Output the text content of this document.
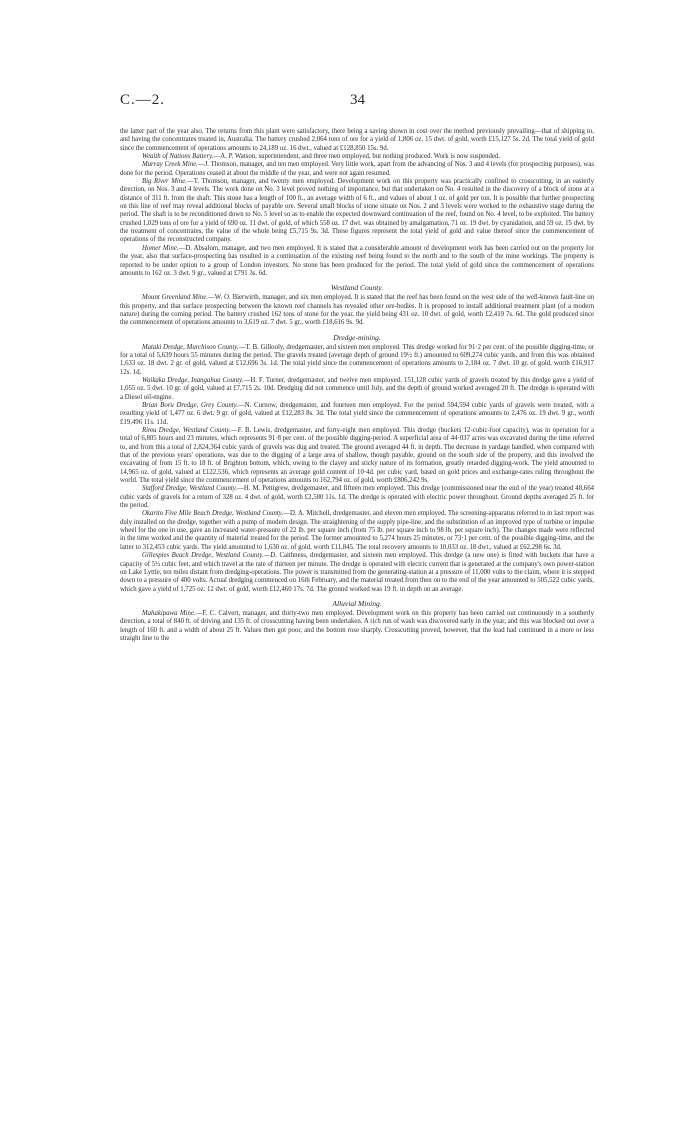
C.—2.	34

the latter part of the year also. The returns from this plant were satisfactory, there being a saving shown in cost over the method previously prevailing—that of shipping to, and having the concentrates treated in, Australia. The battery crushed 2,064 tons of ore for a yield of 1,806 oz. 15 dwt. of gold, worth £15,127 5s. 2d. The total yield of gold since the commencement of operations amounts to 24,189 oz. 16 dwt., valued at £128,850 15s. 9d.

Wealth of Nations Battery.—A. P. Watson, superintendent, and three men employed, but nothing produced. Work is now suspended.

Murray Creek Mine.—J. Thomson, manager, and ten men employed. Very little work, apart from the advancing of Nos. 3 and 4 levels (for prospecting purposes), was done for the period. Operations ceased at about the middle of the year, and were not again resumed.

Big River Mine.—T. Thomson, manager, and twenty men employed. Development work on this property was practically confined to crosscutting, in an easterly direction, on Nos. 3 and 4 levels. The work done on No. 3 level proved nothing of importance, but that undertaken on No. 4 resulted in the discovery of a block of stone at a distance of 311 ft. from the shaft. This stone has a length of 100 ft., an average width of 6 ft., and values of about 1 oz. of gold per ton. It is possible that further prospecting on this line of reef may reveal additional blocks of payable ore. Several small blocks of stone situate on Nos. 2 and 3 levels were worked to the exhaustive stage during the period. The shaft is to be reconditioned down to No. 5 level so as to enable the expected downward continuation of the reef, found on No. 4 level, to be exploited. The battery crushed 1,029 tons of ore for a yield of 690 oz. 11 dwt. of gold, of which 558 oz. 17 dwt. was obtained by amalgamation, 71 oz. 19 dwt. by cyanidation, and 59 oz. 15 dwt. by the treatment of concentrates, the value of the whole being £5,715 9s. 3d. These figures represent the total yield of gold and value thereof since the commencement of operations of the reconstructed company.

Homer Mine.—D. Absalom, manager, and two men employed. It is stated that a considerable amount of development work has been carried out on the property for the year, also that surface-prospecting has resulted in a continuation of the existing reef being found to the north and to the south of the mine workings. The property is reported to be under option to a group of London investors. No stone has been produced for the period. The total yield of gold since the commencement of operations amounts to 162 oz. 3 dwt. 9 gr., valued at £791 3s. 6d.

Westland County.

Mount Greenland Mine.—W. O. Bierwirth, manager, and six men employed. It is stated that the reef has been found on the west side of the well-known fault-line on this property, and that surface prospecting between the known reef channels has revealed other ore-bodies. It is proposed to install additional treatment plant (of a modern nature) during the coming period. The battery crushed 162 tons of stone for the year, the yield being 431 oz. 10 dwt. of gold, worth £2,419 7s. 6d. The gold produced since the commencement of operations amounts to 3,619 oz. 7 dwt. 5 gr., worth £18,616 9s. 9d.

Dredge-mining.

Mataki Dredge, Murchison County.—T. B. Gillooly, dredgemaster, and sixteen men employed. This dredge worked for 91·2 per cent. of the possible digging-time, or for a total of 5,639 hours 55 minutes during the period. The gravels treated (average depth of ground 19½ ft.) amounted to 609,274 cubic yards, and from this was obtained 1,633 oz. 18 dwt. 2 gr. of gold, valued at £12,696 3s. 1d. The total yield since the commencement of operations amounts to 2,184 oz. 7 dwt. 10 gr. of gold, worth £16,917 12s. 1d.

Waikaka Dredge, Inangahua County.—H. F. Turner, dredgemaster, and twelve men employed. 151,128 cubic yards of gravels treated by this dredge gave a yield of 1,055 oz. 5 dwt. 10 gr. of gold, valued at £7,715 2s. 10d. Dredging did not commence until July, and the depth of ground worked averaged 20 ft. The dredge is operated with a Diesel oil-engine.

Brian Boru Dredge, Grey County.—N. Curnow, dredgemaster, and fourteen men employed. For the period 594,594 cubic yards of gravels were treated, with a resulting yield of 1,477 oz. 6 dwt. 9 gr. of gold, valued at £12,283 8s. 3d. The total yield since the commencement of operations amounts to 2,476 oz. 19 dwt. 9 gr., worth £19,496 11s. 11d.

Rimu Dredge, Westland County.—F. B. Lewis, dredgemaster, and forty-eight men employed. This dredge (buckets 12-cubic-foot capacity), was in operation for a total of 6,805 hours and 23 minutes, which represents 91·8 per cent. of the possible digging-period. A superficial area of 44·037 acres was excavated during the time referred to, and from this a total of 2,824,364 cubic yards of gravels was dug and treated. The ground averaged 44 ft. in depth. The decrease in yardage handled, when compared with that of the previous years' operations, was due to the digging of a large area of shallow, though payable, ground on the south side of the property, and this involved the excavating of from 15 ft. to 18 ft. of Brighton bottom, which, owing to the clayey and sticky nature of its formation, greatly retarded digging-work. The yield amounted to 14,965 oz. of gold, valued at £122,536, which represents an average gold content of 10·4d. per cubic yard, based on gold prices and exchange-rates ruling throughout the world. The total yield since the commencement of operations amounts to 162,794 oz. of gold, worth £806,242 9s.

Stafford Dredge, Westland County.—H. M. Pettigrew, dredgemaster, and fifteen men employed. This dredge (commissioned near the end of the year) treated 48,664 cubic yards of gravels for a return of 328 oz. 4 dwt. of gold, worth £2,580 11s. 1d. The dredge is operated with electric power throughout. Ground depths averaged 25 ft. for the period.

Okarito Five Mile Beach Dredge, Westland County.—D. A. Mitchell, dredgemaster, and eleven men employed. The screening-apparatus referred to in last report was duly installed on the dredge, together with a pump of modern design. The straightening of the supply pipe-line, and the substitution of an improved type of turbine or impulse wheel for the one in use, gave an increased water-pressure of 22 lb. per square inch (from 75 lb. per square inch to 98 lb. per square inch). The changes made were reflected in the time worked and the quantity of material treated for the period. The former amounted to 5,274 hours 25 minutes, or 73·1 per cent. of the possible digging-time, and the latter to 312,453 cubic yards. The yield amounted to 1,630 oz. of gold, worth £11,845. The total recovery amounts to 10,033 oz. 18 dwt., valued at £62,298 6s. 3d.

Gillespies Beach Dredge, Westland County.—D. Caithness, dredgemaster, and sixteen men employed. This dredge (a new one) is fitted with buckets that have a capacity of 5½ cubic feet, and which travel at the rate of thirteen per minute. The dredge is operated with electric current that is generated at the company's own power-station on Lake Lyttle, ten miles distant from dredging-operations. The power is transmitted from the generating-station at a pressure of 11,000 volts to the claim, where it is stepped down to a pressure of 400 volts. Actual dredging commenced on 16th February, and the material treated from then on to the end of the year amounted to 505,522 cubic yards, which gave a yield of 1,725 oz. 12 dwt. of gold, worth £12,460 17s. 7d. The ground worked was 19 ft. in depth on an average.

Alluvial Mining.

Mahakipawa Mine.—F. C. Calvert, manager, and thirty-two men employed. Development work on this property has been carried out continuously in a southerly direction, a total of 840 ft. of driving and 135 ft. of crosscutting having been undertaken. A rich run of wash was discovered early in the year, and this was blocked out over a length of 160 ft. and a width of about 25 ft. Values then got poor, and the bottom rose sharply. Crosscutting proved, however, that the lead had continued in a more or less straight line to the
